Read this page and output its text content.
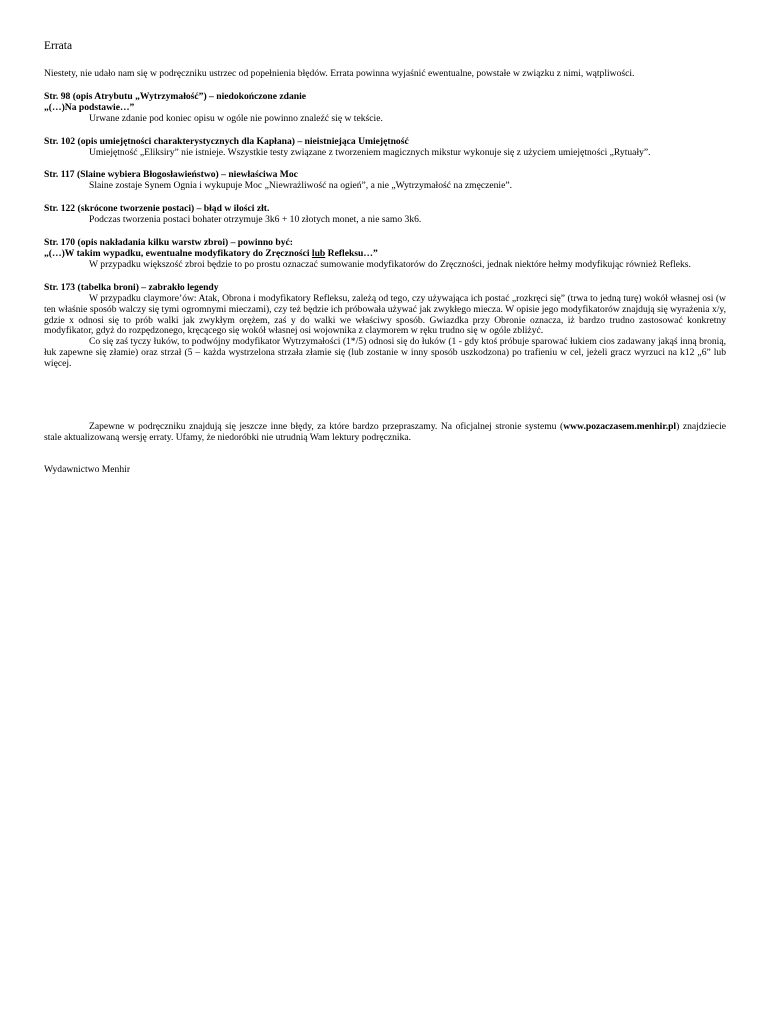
Errata
Niestety, nie udało nam się w podręczniku ustrzec od popełnienia błędów. Errata powinna wyjaśnić ewentualne, powstałe w związku z nimi, wątpliwości.
Str. 98 (opis Atrybutu „Wytrzymałość”) – niedokończone zdanie
„(…)Na podstawie…”
Urwane zdanie pod koniec opisu w ogóle nie powinno znaleźć się w tekście.
Str. 102 (opis umiejętności charakterystycznych dla Kapłana) – nieistniejąca Umiejętność
Umiejętność „Eliksiry” nie istnieje. Wszystkie testy związane z tworzeniem magicznych mikstur wykonuje się z użyciem umiejętności „Rytuały”.
Str. 117 (Slaine wybiera Błogosławieństwo) – niewłaściwa Moc
Slaine zostaje Synem Ognia i wykupuje Moc „Niewrażliwość na ogień”, a nie „Wytrzymałość na zmęczenie”.
Str. 122 (skrócone tworzenie postaci) – błąd w ilości złt.
Podczas tworzenia postaci bohater otrzymuje 3k6 + 10 złotych monet, a nie samo 3k6.
Str. 170 (opis nakładania kilku warstw zbroi) – powinno być:
„(…)W takim wypadku, ewentualne modyfikatory do Zręczności lub Refleksu…”
W przypadku większość zbroi będzie to po prostu oznaczać sumowanie modyfikatorów do Zręczności, jednak niektóre hełmy modyfikując również Refleks.
Str. 173 (tabelka broni) – zabrakło legendy
W przypadku claymore’ów: Atak, Obrona i modyfikatory Refleksu, zależą od tego, czy używająca ich postać „rozkręci się” (trwa to jedną turę) wokół własnej osi (w ten właśnie sposób walczy się tymi ogromnymi mieczami), czy też będzie ich próbowała używać jak zwykłego miecza. W opisie jego modyfikatorów znajdują się wyrażenia x/y, gdzie x odnosi się to prób walki jak zwykłym orężem, zaś y do walki we właściwy sposób. Gwiazdka przy Obronie oznacza, iż bardzo trudno zastosować konkretny modyfikator, gdyż do rozpędzonego, kręcącego się wokół własnej osi wojownika z claymorem w ręku trudno się w ogóle zbliżyć.
Co się zaś tyczy łuków, to podwójny modyfikator Wytrzymałości (1*/5) odnosi się do łuków (1 - gdy ktoś próbuje sparować łukiem cios zadawany jakąś inną bronią, łuk zapewne się złamie) oraz strzał (5 – każda wystrzelona strzała złamie się (lub zostanie w inny sposób uszkodzona) po trafieniu w cel, jeżeli gracz wyrzuci na k12 „6” lub więcej.
Zapewne w podręczniku znajdują się jeszcze inne błędy, za które bardzo przepraszamy. Na oficjalnej stronie systemu (www.pozaczasem.menhir.pl) znajdziecie stale aktualizowaną wersję erraty. Ufamy, że niedoróbki nie utrudnią Wam lektury podręcznika.
Wydawnictwo Menhir
